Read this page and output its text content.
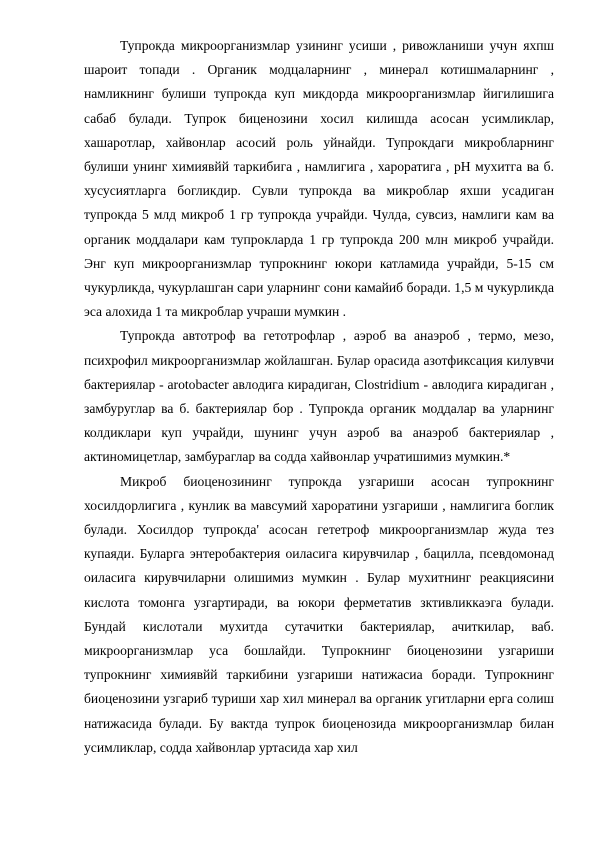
Тупрокда микроорганизмлар узининг усиши , ривожланиши учун яхпш шароит топади . Органик модцаларнинг , минерал котишмаларнинг , намликнинг булиши тупрокда куп микдорда микроорганизмлар йигилишига сабаб булади. Тупрок биценозини хосил килишда асосан усимликлар, хашаротлар, хайвонлар асосий роль уйнайди. Тупрокдаги микробларнинг булиши унинг химиявйй таркибига , намлигига , хароратига , рН мухитга ва б. хусусиятларга богликдир. Сувли тупрокда ва микроблар яхши усадиган тупрокда 5 млд микроб 1 гр тупрокда учрайди. Чулда, сувсиз, намлиги кам ва органик моддалари кам тупрокларда 1 гр тупрокда 200 млн микроб учрайди. Энг куп микроорганизмлар тупрокнинг юкори катламида учрайди, 5-15 см чукурликда, чукурлашган сари уларнинг сони камайиб боради. 1,5 м чукурликда эса алохида 1 та микроблар учраши мумкин .

Тупрокда автотроф ва гетотрофлар , аэроб ва анаэроб , термо, мезо, психрофил микроорганизмлар жойлашган. Булар орасида азотфиксация килувчи бактериялар - arotobacter авлодига кирадиган, Clostridium - авлодига кирадиган , замбуруглар ва б. бактериялар бор . Тупрокда органик моддалар ва уларнинг колдиклари куп учрайди, шунинг учун аэроб ва анаэроб бактериялар , актиномицетлар, замбураглар ва содда хайвонлар учратишимиз мумкин.*

Микроб биоценозининг тупрокда узгариши асосан тупрокнинг хосилдорлигига , кунлик ва мавсумий хароратини узгариши , намлигига боглик булади. Хосилдор тупрокда' асосан гететроф микроорганизмлар жуда тез купаяди. Буларга энтеробактерия оиласига кирувчилар , бацилла, псевдомонад оиласига кирувчиларни олишимиз мумкин . Булар мухитнинг реакциясини кислота томонга узгартиради, ва юкори ферметатив зктивликкаэга булади. Бундай кислотали мухитда сутачитки бактериялар, ачиткилар, ваб. микроорганизмлар уса бошлайди. Тупрокнинг биоценозини узгариши тупрокнинг химиявйй таркибини узгариши натижасиа боради. Тупрокнинг биоценозини узгариб туриши хар хил минерал ва органик угитларни ерга солиш натижасида булади. Бу вактда тупрок биоценозида микроорганизмлар билан усимликлар, содда хайвонлар уртасида хар хил
